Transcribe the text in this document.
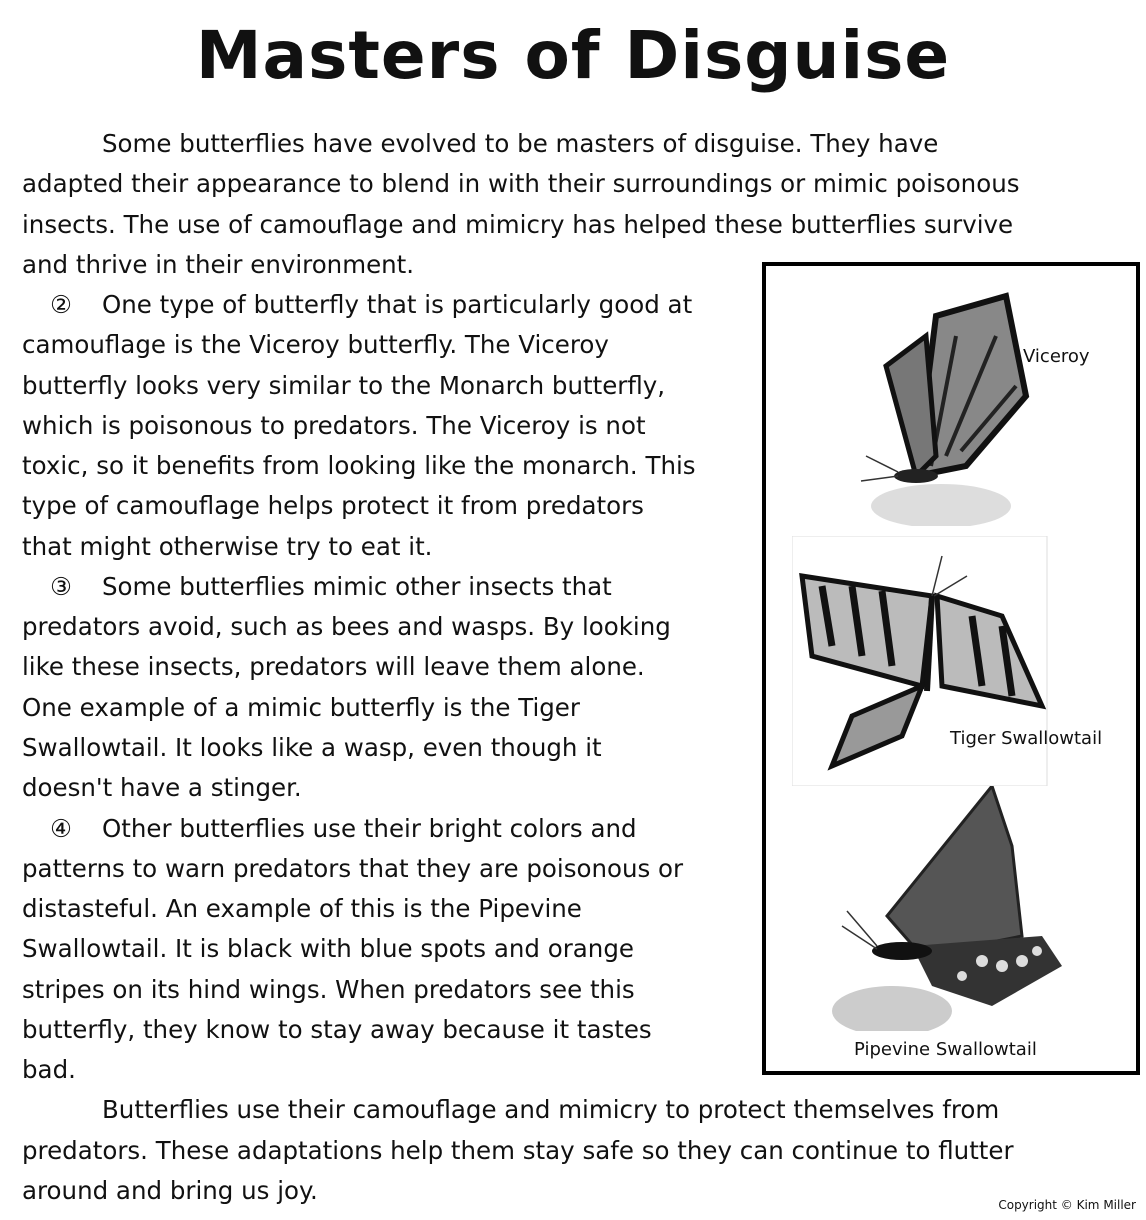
Masters of Disguise
Some butterflies have evolved to be masters of disguise. They have
adapted their appearance to blend in with their surroundings or mimic poisonous
insects. The use of camouflage and mimicry has helped these butterflies survive
and thrive in their environment.
② One type of butterfly that is particularly good at
camouflage is the Viceroy butterfly. The Viceroy
butterfly looks very similar to the Monarch butterfly,
which is poisonous to predators. The Viceroy is not
toxic, so it benefits from looking like the monarch. This
type of camouflage helps protect it from predators
that might otherwise try to eat it.
③ Some butterflies mimic other insects that
predators avoid, such as bees and wasps. By looking
like these insects, predators will leave them alone.
One example of a mimic butterfly is the Tiger
Swallowtail. It looks like a wasp, even though it
doesn't have a stinger.
④ Other butterflies use their bright colors and
patterns to warn predators that they are poisonous or
distasteful. An example of this is the Pipevine
Swallowtail. It is black with blue spots and orange
stripes on its hind wings. When predators see this
butterfly, they know to stay away because it tastes
bad.
Butterflies use their camouflage and mimicry to protect themselves from
predators. These adaptations help them stay safe so they can continue to flutter
around and bring us joy.
Viceroy
Tiger Swallowtail
Pipevine Swallowtail
Copyright © Kim Miller
